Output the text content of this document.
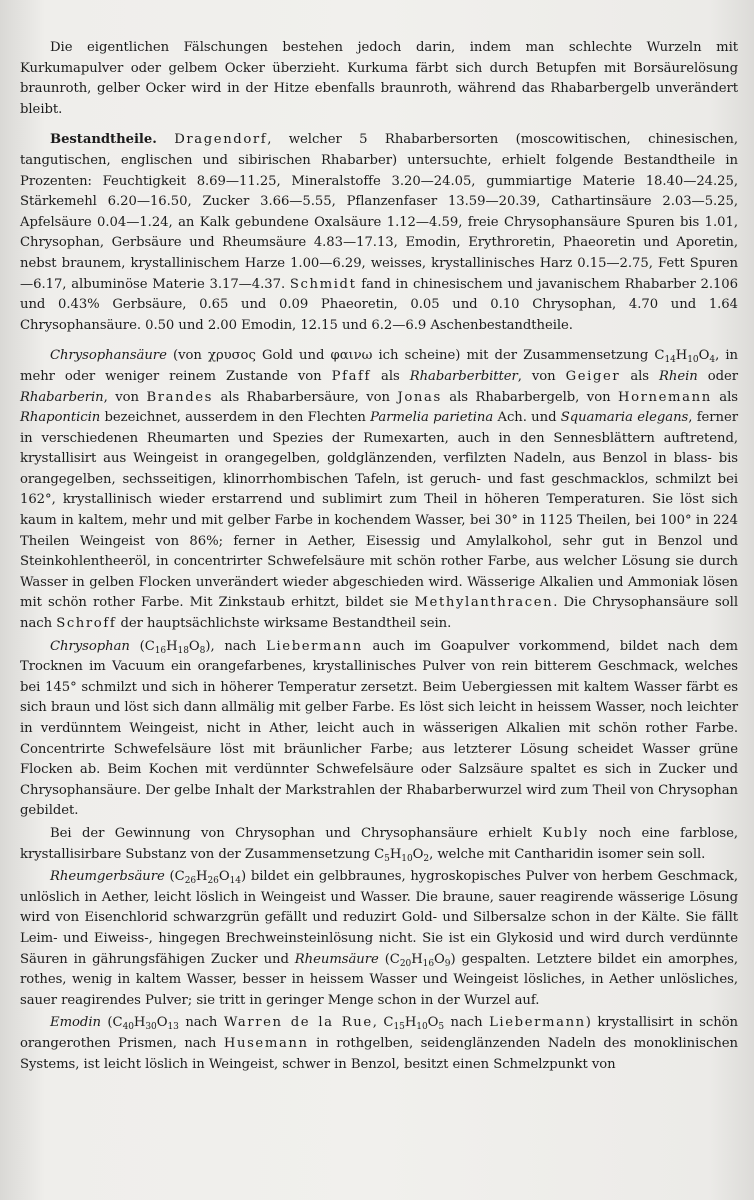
Die eigentlichen Fälschungen bestehen jedoch darin, indem man schlechte Wurzeln mit Kurkumapulver oder gelbem Ocker überzieht. Kurkuma färbt sich durch Betupfen mit Borsäurelösung braunroth, gelber Ocker wird in der Hitze ebenfalls braunroth, während das Rhabarbergelb unverändert bleibt.

Bestandtheile. Dragendorf, welcher 5 Rhabarbersorten (moscowitischen, chinesischen, tangutischen, englischen und sibirischen Rhabarber) untersuchte, erhielt folgende Bestandtheile in Prozenten: Feuchtigkeit 8.69—11.25, Mineralstoffe 3.20—24.05, gummiartige Materie 18.40—24.25, Stärkemehl 6.20—16.50, Zucker 3.66—5.55, Pflanzenfaser 13.59—20.39, Cathartinsäure 2.03—5.25, Apfelsäure 0.04—1.24, an Kalk gebundene Oxalsäure 1.12—4.59, freie Chrysophansäure Spuren bis 1.01, Chrysophan, Gerbsäure und Rheumsäure 4.83—17.13, Emodin, Erythroretin, Phaeoretin und Aporetin, nebst braunem, krystallinischem Harze 1.00—6.29, weisses, krystallinisches Harz 0.15—2.75, Fett Spuren —6.17, albuminöse Materie 3.17—4.37. Schmidt fand in chinesischem und javanischem Rhabarber 2.106 und 0.43% Gerbsäure, 0.65 und 0.09 Phaeoretin, 0.05 und 0.10 Chrysophan, 4.70 und 1.64 Chrysophansäure. 0.50 und 2.00 Emodin, 12.15 und 6.2—6.9 Aschenbestandtheile.

Chrysophansäure (von χρυσος Gold und φαινω ich scheine) mit der Zusammensetzung $C_{14}H_{10}O_4$, in mehr oder weniger reinem Zustande von Pfaff als Rhabarberbitter, von Geiger als Rhein oder Rhabarberin, von Brandes als Rhabarbersäure, von Jonas als Rhabarbergelb, von Hornemann als Rhaponticin bezeichnet, ausserdem in den Flechten Parmelia parietina Ach. und Squamaria elegans, ferner in verschiedenen Rheumarten und Spezies der Rumexarten, auch in den Sennesblättern auftretend, krystallisirt aus Weingeist in orangegelben, goldglänzenden, verfilzten Nadeln, aus Benzol in blass- bis orangegelben, sechsseitigen, klinorrhombischen Tafeln, ist geruch- und fast geschmacklos, schmilzt bei 162°, krystallinisch wieder erstarrend und sublimirt zum Theil in höheren Temperaturen. Sie löst sich kaum in kaltem, mehr und mit gelber Farbe in kochendem Wasser, bei 30° in 1125 Theilen, bei 100° in 224 Theilen Weingeist von 86%; ferner in Aether, Eisessig und Amylalkohol, sehr gut in Benzol und Steinkohlentheeröl, in concentrirter Schwefelsäure mit schön rother Farbe, aus welcher Lösung sie durch Wasser in gelben Flocken unverändert wieder abgeschieden wird. Wässerige Alkalien und Ammoniak lösen mit schön rother Farbe. Mit Zinkstaub erhitzt, bildet sie Methylanthracen. Die Chrysophansäure soll nach Schroff der hauptsächlichste wirksame Bestandtheil sein.

Chrysophan $(C_{16}H_{18}O_8)$, nach Liebermann auch im Goapulver vorkommend, bildet nach dem Trocknen im Vacuum ein orangefarbenes, krystallinisches Pulver von rein bitterem Geschmack, welches bei 145° schmilzt und sich in höherer Temperatur zersetzt. Beim Uebergiessen mit kaltem Wasser färbt es sich braun und löst sich dann allmälig mit gelber Farbe. Es löst sich leicht in heissem Wasser, noch leichter in verdünntem Weingeist, nicht in Ather, leicht auch in wässerigen Alkalien mit schön rother Farbe. Concentrirte Schwefelsäure löst mit bräunlicher Farbe; aus letzterer Lösung scheidet Wasser grüne Flocken ab. Beim Kochen mit verdünnter Schwefelsäure oder Salzsäure spaltet es sich in Zucker und Chrysophansäure. Der gelbe Inhalt der Markstrahlen der Rhabarberwurzel wird zum Theil von Chrysophan gebildet.

Bei der Gewinnung von Chrysophan und Chrysophansäure erhielt Kubly noch eine farblose, krystallisirbare Substanz von der Zusammensetzung $C_5H_{10}O_2$, welche mit Cantharidin isomer sein soll.

Rheumgerbsäure $(C_{26}H_{26}O_{14})$ bildet ein gelbbraunes, hygroskopisches Pulver von herbem Geschmack, unlöslich in Aether, leicht löslich in Weingeist und Wasser. Die braune, sauer reagirende wässerige Lösung wird von Eisenchlorid schwarzgrün gefällt und reduzirt Gold- und Silbersalze schon in der Kälte. Sie fällt Leim- und Eiweiss-, hingegen Brechweinsteinlösung nicht. Sie ist ein Glykosid und wird durch verdünnte Säuren in gährungsfähigen Zucker und Rheumsäure $(C_{20}H_{16}O_9)$ gespalten. Letztere bildet ein amorphes, rothes, wenig in kaltem Wasser, besser in heissem Wasser und Weingeist lösliches, in Aether unlösliches, sauer reagirendes Pulver; sie tritt in geringer Menge schon in der Wurzel auf.

Emodin ($C_{40}H_{30}O_{13}$ nach Warren de la Rue, $C_{15}H_{10}O_5$ nach Liebermann) krystallisirt in schön orangerothen Prismen, nach Husemann in rothgelben, seidenglänzenden Nadeln des monoklinischen Systems, ist leicht löslich in Weingeist, schwer in Benzol, besitzt einen Schmelzpunkt von
